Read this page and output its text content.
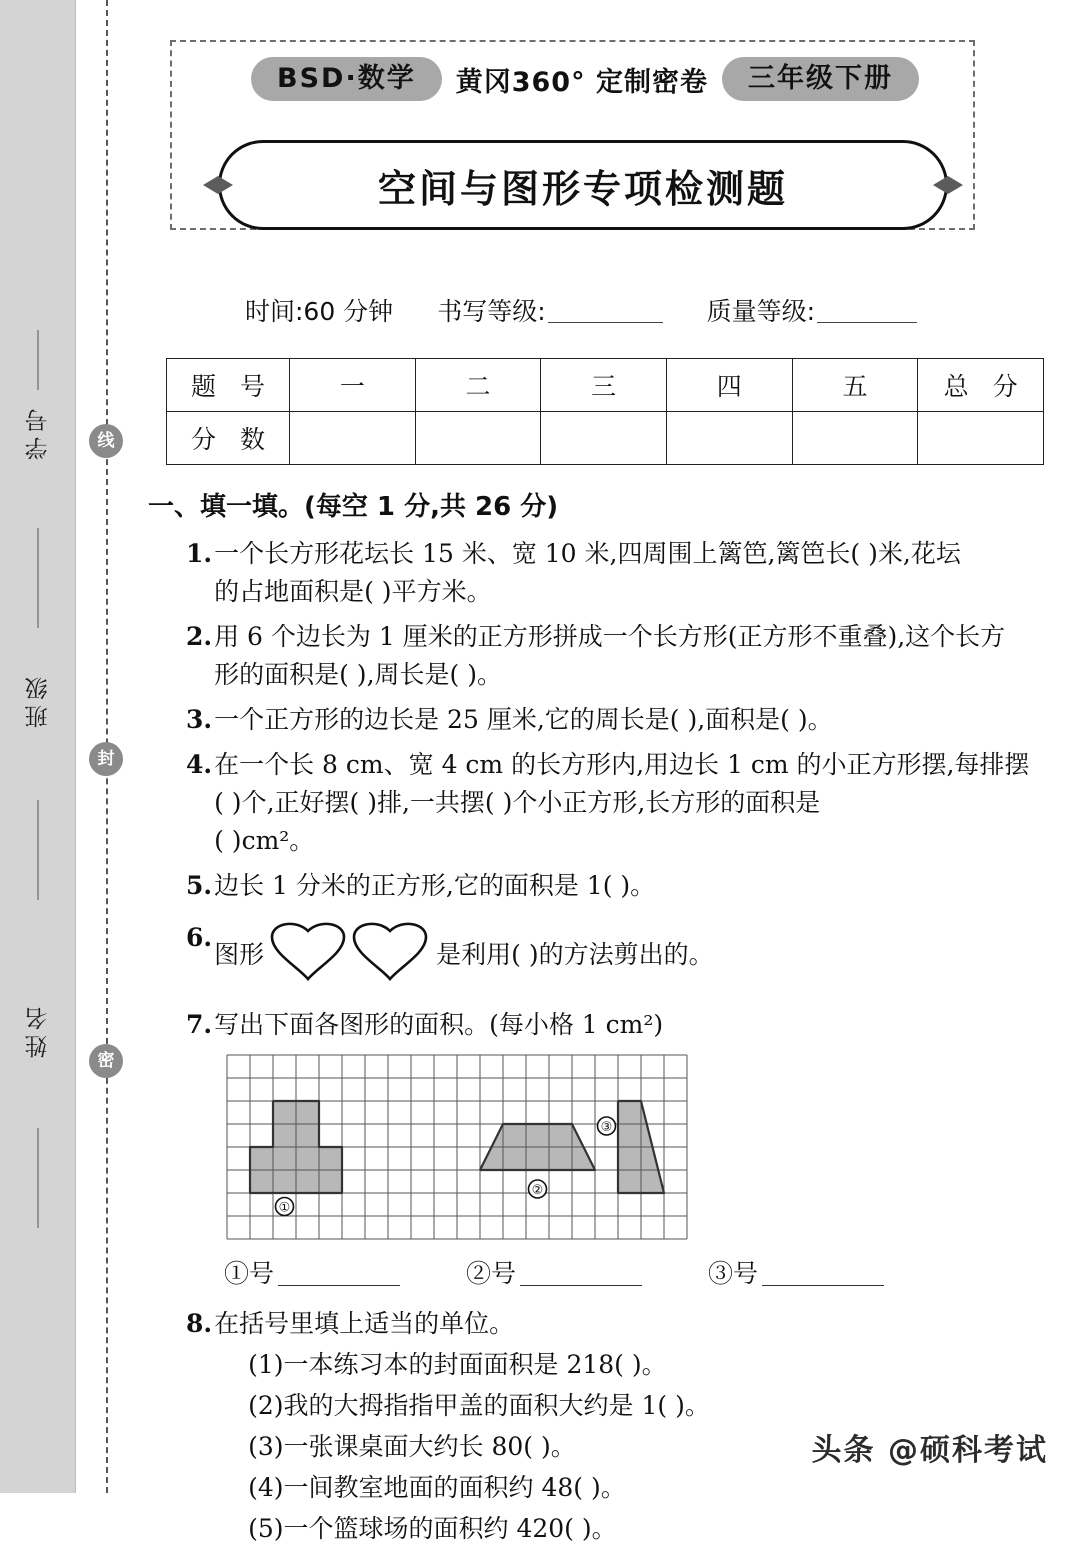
学号
班级
姓名
线
封
密
BSD·数学	黄冈360° 定制密卷	三年级下册
空间与图形专项检测题
时间:60 分钟 书写等级:	质量等级:
题 号	一	二	三	四	五	总 分
分 数						
一、填一填。(每空 1 分,共 26 分)
1. 一个长方形花坛长 15 米、宽 10 米,四周围上篱笆,篱笆长( )米,花坛
的占地面积是( )平方米。
2. 用 6 个边长为 1 厘米的正方形拼成一个长方形(正方形不重叠),这个长方
形的面积是( ),周长是( )。
3. 一个正方形的边长是 25 厘米,它的周长是( ),面积是( )。
4. 在一个长 8 cm、宽 4 cm 的长方形内,用边长 1 cm 的小正方形摆,每排摆
( )个,正好摆( )排,一共摆( )个小正方形,长方形的面积是
( )cm²。
5. 边长 1 分米的正方形,它的面积是 1( )。
6.
图形	是利用( )的方法剪出的。
7. 写出下面各图形的面积。(每小格 1 cm²)
①
②
③
①号	②号	③号
8. 在括号里填上适当的单位。
(1)一本练习本的封面面积是 218( )。
(2)我的大拇指指甲盖的面积大约是 1( )。
(3)一张课桌面大约长 80( )。
(4)一间教室地面的面积约 48( )。
(5)一个篮球场的面积约 420( )。
头条 @硕科考试
